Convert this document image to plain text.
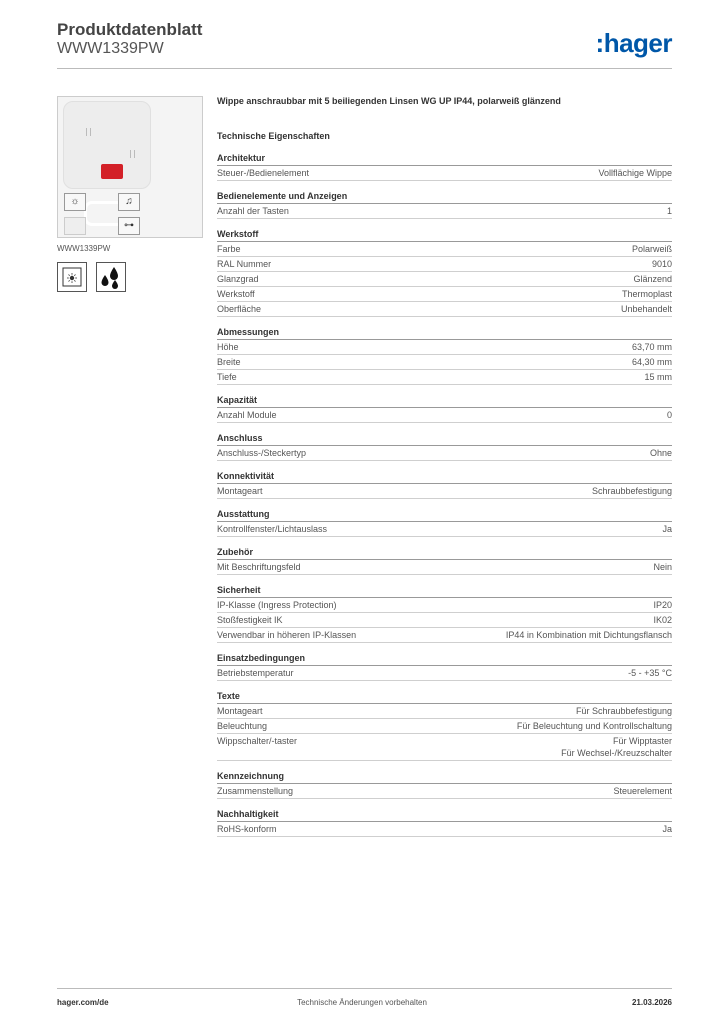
Produktdatenblatt
WWW1339PW	:hager
☼	♫
⊶
WWW1339PW
Wippe anschraubbar mit 5 beiliegenden Linsen WG UP IP44, polarweiß glänzend
Technische Eigenschaften
Architektur
Steuer-/Bedienelement	Vollflächige Wippe
Bedienelemente und Anzeigen
Anzahl der Tasten	1
Werkstoff
Farbe	Polarweiß
RAL Nummer	9010
Glanzgrad	Glänzend
Werkstoff	Thermoplast
Oberfläche	Unbehandelt
Abmessungen
Höhe	63,70 mm
Breite	64,30 mm
Tiefe	15 mm
Kapazität
Anzahl Module	0
Anschluss
Anschluss-/Steckertyp	Ohne
Konnektivität
Montageart	Schraubbefestigung
Ausstattung
Kontrollfenster/Lichtauslass	Ja
Zubehör
Mit Beschriftungsfeld	Nein
Sicherheit
IP-Klasse (Ingress Protection)	IP20
Stoßfestigkeit IK	IK02
Verwendbar in höheren IP-Klassen	IP44 in Kombination mit Dichtungsflansch
Einsatzbedingungen
Betriebstemperatur	-5 - +35 °C
Texte
Montageart	Für Schraubbefestigung
Beleuchtung	Für Beleuchtung und Kontrollschaltung
Wippschalter/-taster	Für Wipptaster
Für Wechsel-/Kreuzschalter
Kennzeichnung
Zusammenstellung	Steuerelement
Nachhaltigkeit
RoHS-konform	Ja
hager.com/de	Technische Änderungen vorbehalten	21.03.2026
